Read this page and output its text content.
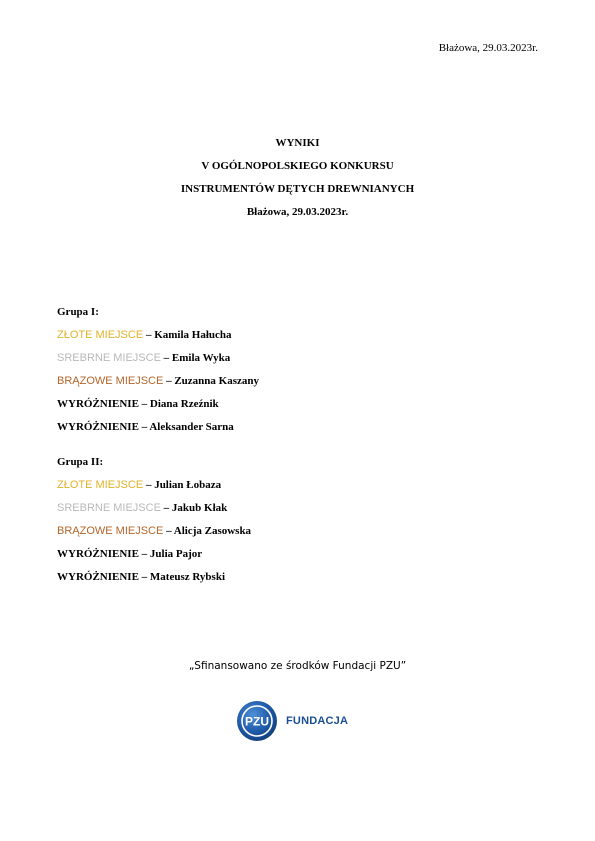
Błażowa, 29.03.2023r.
WYNIKI
V OGÓLNOPOLSKIEGO KONKURSU
INSTRUMENTÓW DĘTYCH DREWNIANYCH
Błażowa, 29.03.2023r.
Grupa I:
ZŁOTE MIEJSCE – Kamila Hałucha
SREBRNE MIEJSCE – Emila Wyka
BRĄZOWE MIEJSCE – Zuzanna Kaszany
WYRÓŻNIENIE – Diana Rzeźnik
WYRÓŻNIENIE – Aleksander Sarna
Grupa II:
ZŁOTE MIEJSCE – Julian Łobaza
SREBRNE MIEJSCE – Jakub Kłak
BRĄZOWE MIEJSCE – Alicja Zasowska
WYRÓŻNIENIE – Julia Pajor
WYRÓŻNIENIE – Mateusz Rybski
„Sfinansowano ze środków Fundacji PZU”
PZU FUNDACJA
